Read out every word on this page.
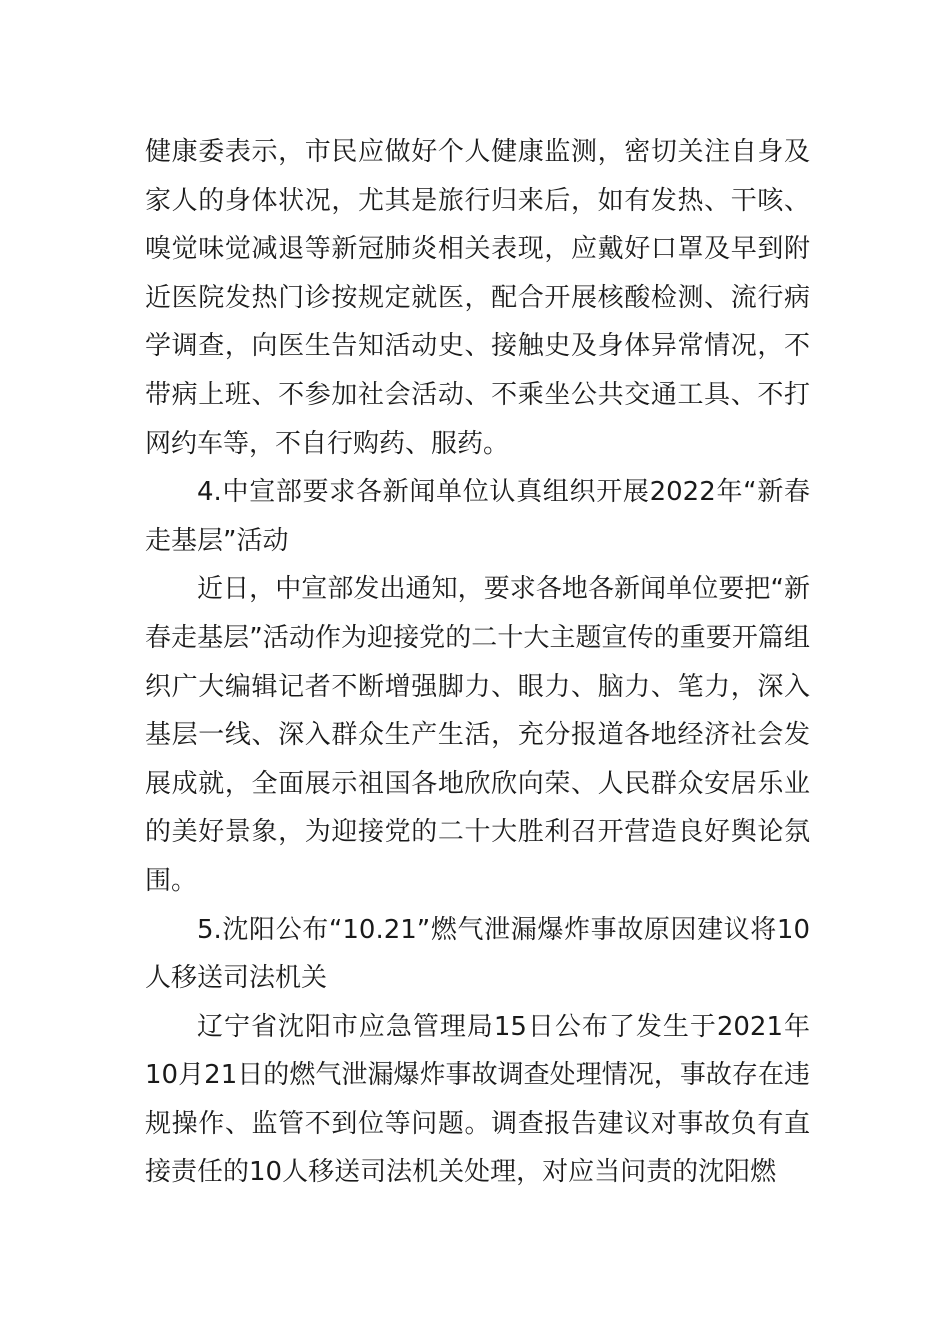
健康委表示，市民应做好个人健康监测，密切关注自身及家人的身体状况，尤其是旅行归来后，如有发热、干咳、嗅觉味觉减退等新冠肺炎相关表现，应戴好口罩及早到附近医院发热门诊按规定就医，配合开展核酸检测、流行病学调查，向医生告知活动史、接触史及身体异常情况，不带病上班、不参加社会活动、不乘坐公共交通工具、不打网约车等，不自行购药、服药。

4.中宣部要求各新闻单位认真组织开展2022年“新春走基层”活动

近日，中宣部发出通知，要求各地各新闻单位要把“新春走基层”活动作为迎接党的二十大主题宣传的重要开篇组织广大编辑记者不断增强脚力、眼力、脑力、笔力，深入基层一线、深入群众生产生活，充分报道各地经济社会发展成就，全面展示祖国各地欣欣向荣、人民群众安居乐业的美好景象，为迎接党的二十大胜利召开营造良好舆论氛围。

5.沈阳公布“10.21”燃气泄漏爆炸事故原因建议将10人移送司法机关

辽宁省沈阳市应急管理局15日公布了发生于2021年10月21日的燃气泄漏爆炸事故调查处理情况，事故存在违规操作、监管不到位等问题。调查报告建议对事故负有直接责任的10人移送司法机关处理，对应当问责的沈阳燃
